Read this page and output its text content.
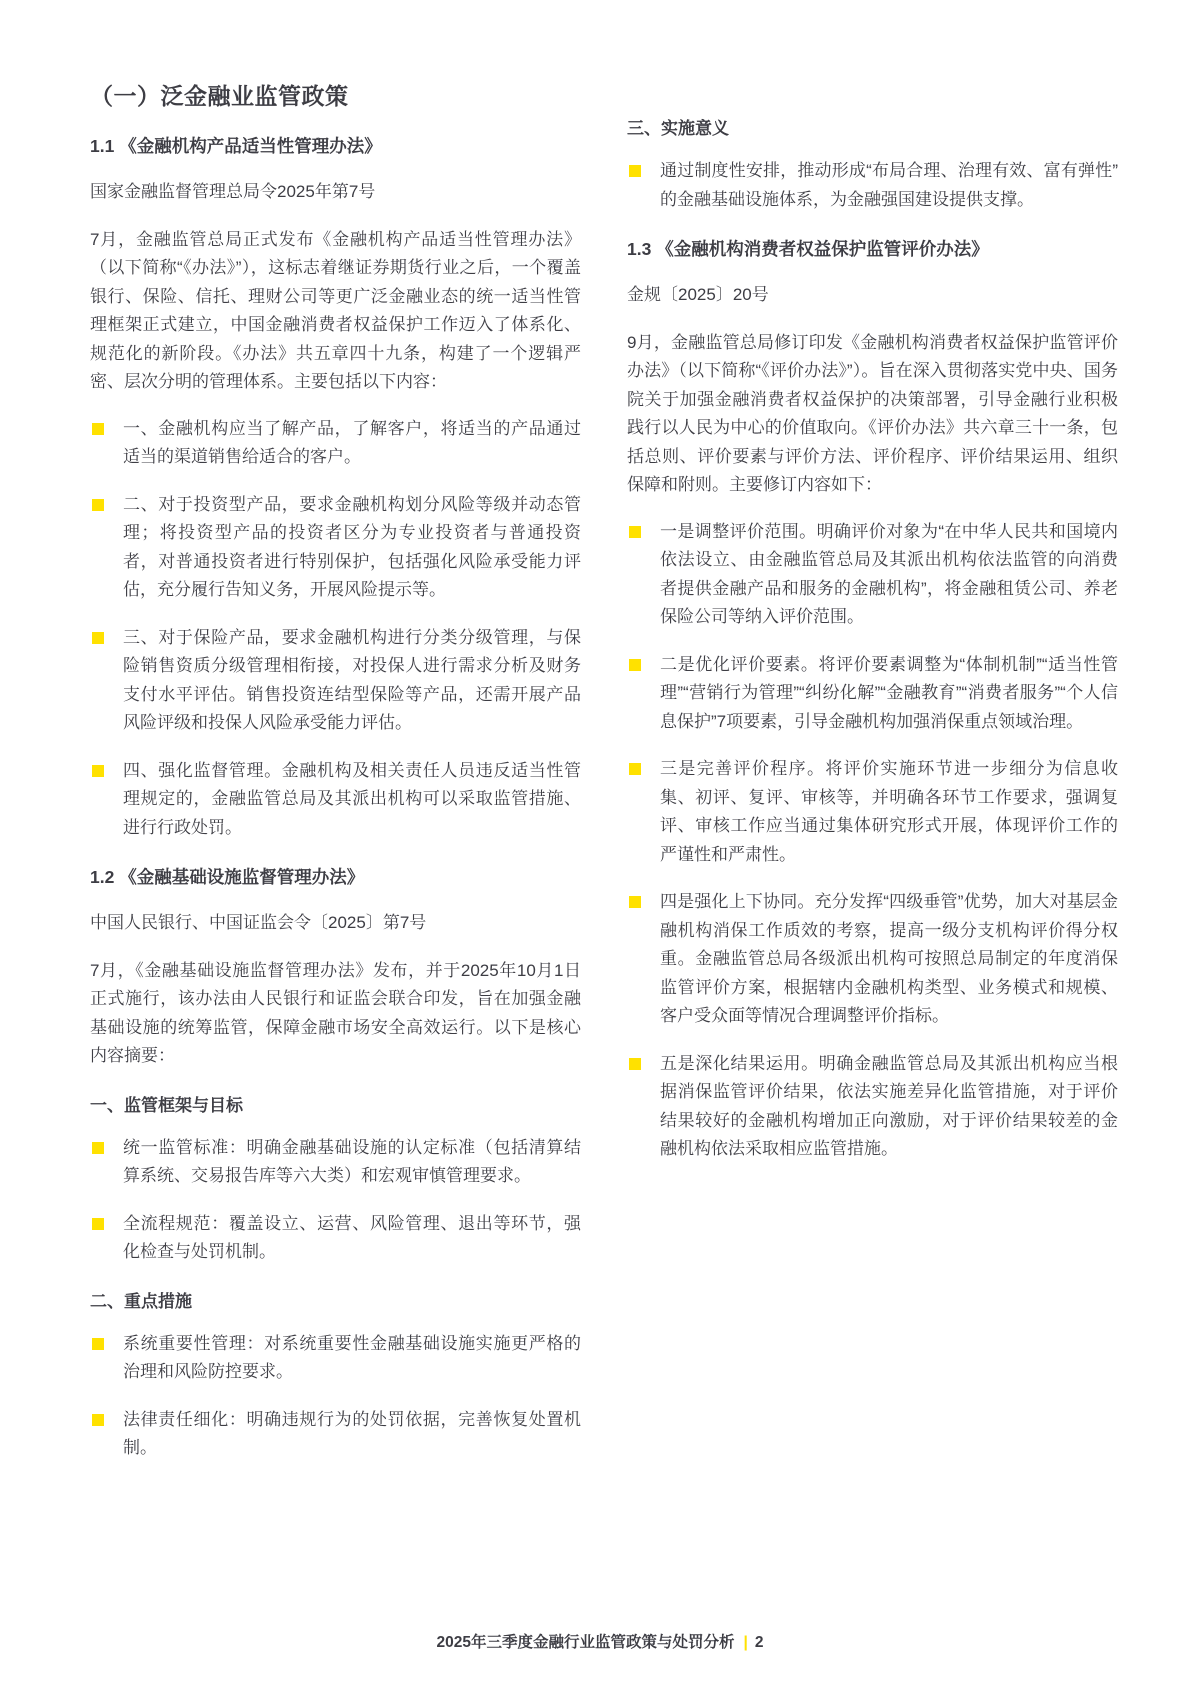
（一）泛金融业监管政策
1.1 《金融机构产品适当性管理办法》
国家金融监督管理总局令2025年第7号
7月，金融监管总局正式发布《金融机构产品适当性管理办法》（以下简称“《办法》”），这标志着继证券期货行业之后，一个覆盖银行、保险、信托、理财公司等更广泛金融业态的统一适当性管理框架正式建立，中国金融消费者权益保护工作迈入了体系化、规范化的新阶段。《办法》共五章四十九条，构建了一个逻辑严密、层次分明的管理体系。主要包括以下内容：
一、金融机构应当了解产品，了解客户，将适当的产品通过适当的渠道销售给适合的客户。
二、对于投资型产品，要求金融机构划分风险等级并动态管理；将投资型产品的投资者区分为专业投资者与普通投资者，对普通投资者进行特别保护，包括强化风险承受能力评估，充分履行告知义务，开展风险提示等。
三、对于保险产品，要求金融机构进行分类分级管理，与保险销售资质分级管理相衔接，对投保人进行需求分析及财务支付水平评估。销售投资连结型保险等产品，还需开展产品风险评级和投保人风险承受能力评估。
四、强化监督管理。金融机构及相关责任人员违反适当性管理规定的，金融监管总局及其派出机构可以采取监管措施、进行行政处罚。
1.2 《金融基础设施监督管理办法》
中国人民银行、中国证监会令〔2025〕第7号
7月，《金融基础设施监督管理办法》发布，并于2025年10月1日正式施行，该办法由人民银行和证监会联合印发，旨在加强金融基础设施的统筹监管，保障金融市场安全高效运行。以下是核心内容摘要：
一、监管框架与目标
统一监管标准：明确金融基础设施的认定标准（包括清算结算系统、交易报告库等六大类）和宏观审慎管理要求。
全流程规范：覆盖设立、运营、风险管理、退出等环节，强化检查与处罚机制。
二、重点措施
系统重要性管理：对系统重要性金融基础设施实施更严格的治理和风险防控要求。
法律责任细化：明确违规行为的处罚依据，完善恢复处置机制。
三、实施意义
通过制度性安排，推动形成“布局合理、治理有效、富有弹性”的金融基础设施体系，为金融强国建设提供支撑。
1.3 《金融机构消费者权益保护监管评价办法》
金规〔2025〕20号
9月，金融监管总局修订印发《金融机构消费者权益保护监管评价办法》（以下简称“《评价办法》”）。旨在深入贯彻落实党中央、国务院关于加强金融消费者权益保护的决策部署，引导金融行业积极践行以人民为中心的价值取向。《评价办法》共六章三十一条，包括总则、评价要素与评价方法、评价程序、评价结果运用、组织保障和附则。主要修订内容如下：
一是调整评价范围。明确评价对象为“在中华人民共和国境内依法设立、由金融监管总局及其派出机构依法监管的向消费者提供金融产品和服务的金融机构”，将金融租赁公司、养老保险公司等纳入评价范围。
二是优化评价要素。将评价要素调整为“体制机制”“适当性管理”“营销行为管理”“纠纷化解”“金融教育”“消费者服务”“个人信息保护”7项要素，引导金融机构加强消保重点领域治理。
三是完善评价程序。将评价实施环节进一步细分为信息收集、初评、复评、审核等，并明确各环节工作要求，强调复评、审核工作应当通过集体研究形式开展，体现评价工作的严谨性和严肃性。
四是强化上下协同。充分发挥“四级垂管”优势，加大对基层金融机构消保工作质效的考察，提高一级分支机构评价得分权重。金融监管总局各级派出机构可按照总局制定的年度消保监管评价方案，根据辖内金融机构类型、业务模式和规模、客户受众面等情况合理调整评价指标。
五是深化结果运用。明确金融监管总局及其派出机构应当根据消保监管评价结果，依法实施差异化监管措施，对于评价结果较好的金融机构增加正向激励，对于评价结果较差的金融机构依法采取相应监管措施。
2025年三季度金融行业监管政策与处罚分析 | 2
